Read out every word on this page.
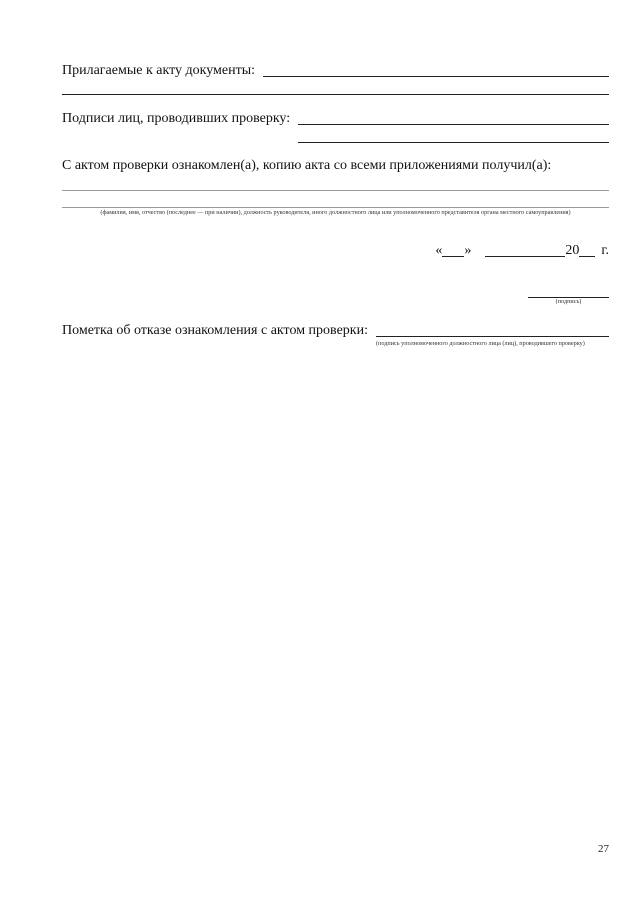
Прилагаемые к акту документы:
Подписи лиц, проводивших проверку:
С актом проверки ознакомлен(а), копию акта со всеми приложениями получил(а):
(фамилия, имя, отчество (последнее — при наличии), должность руководителя, иного должностного лица или уполномоченного представителя органа местного самоуправления)
« »	20 г.
(подпись)
Пометка об отказе ознакомления с актом проверки:
(подпись уполномоченного должностного лица (лиц), проводившего проверку)
27
